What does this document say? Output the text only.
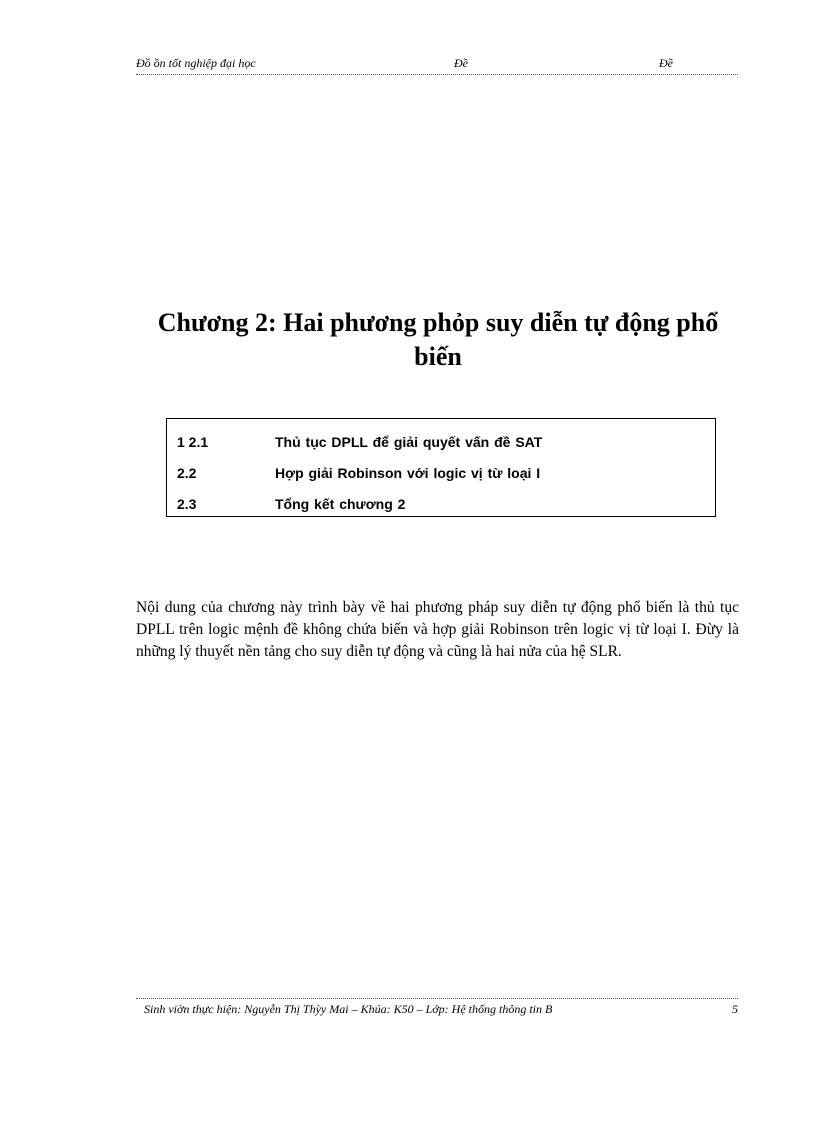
Đồ ồn tốt nghiệp đại học	Đề	Đề
Chương 2: Hai phương phỏp suy diễn tự động phổ
biến
1 2.1	Thủ tục DPLL để giải quyết vấn đề SAT
2.2	Hợp giải Robinson với logic vị từ loại I
2.3	Tổng kết chương 2

Nội dung của chương này trình bày về hai phương pháp suy diễn tự động phổ biến là thủ tục DPLL trên logic mệnh đề không chứa biến và hợp giải Robinson trên logic vị từ loại I. Đừy là những lý thuyết nền tảng cho suy diễn tự động và cũng là hai nửa của hệ SLR.

Sinh viờn thực hiện: Nguyễn Thị Thỳy Mai – Khúa: K50 – Lớp: Hệ thống thông tin B	5
